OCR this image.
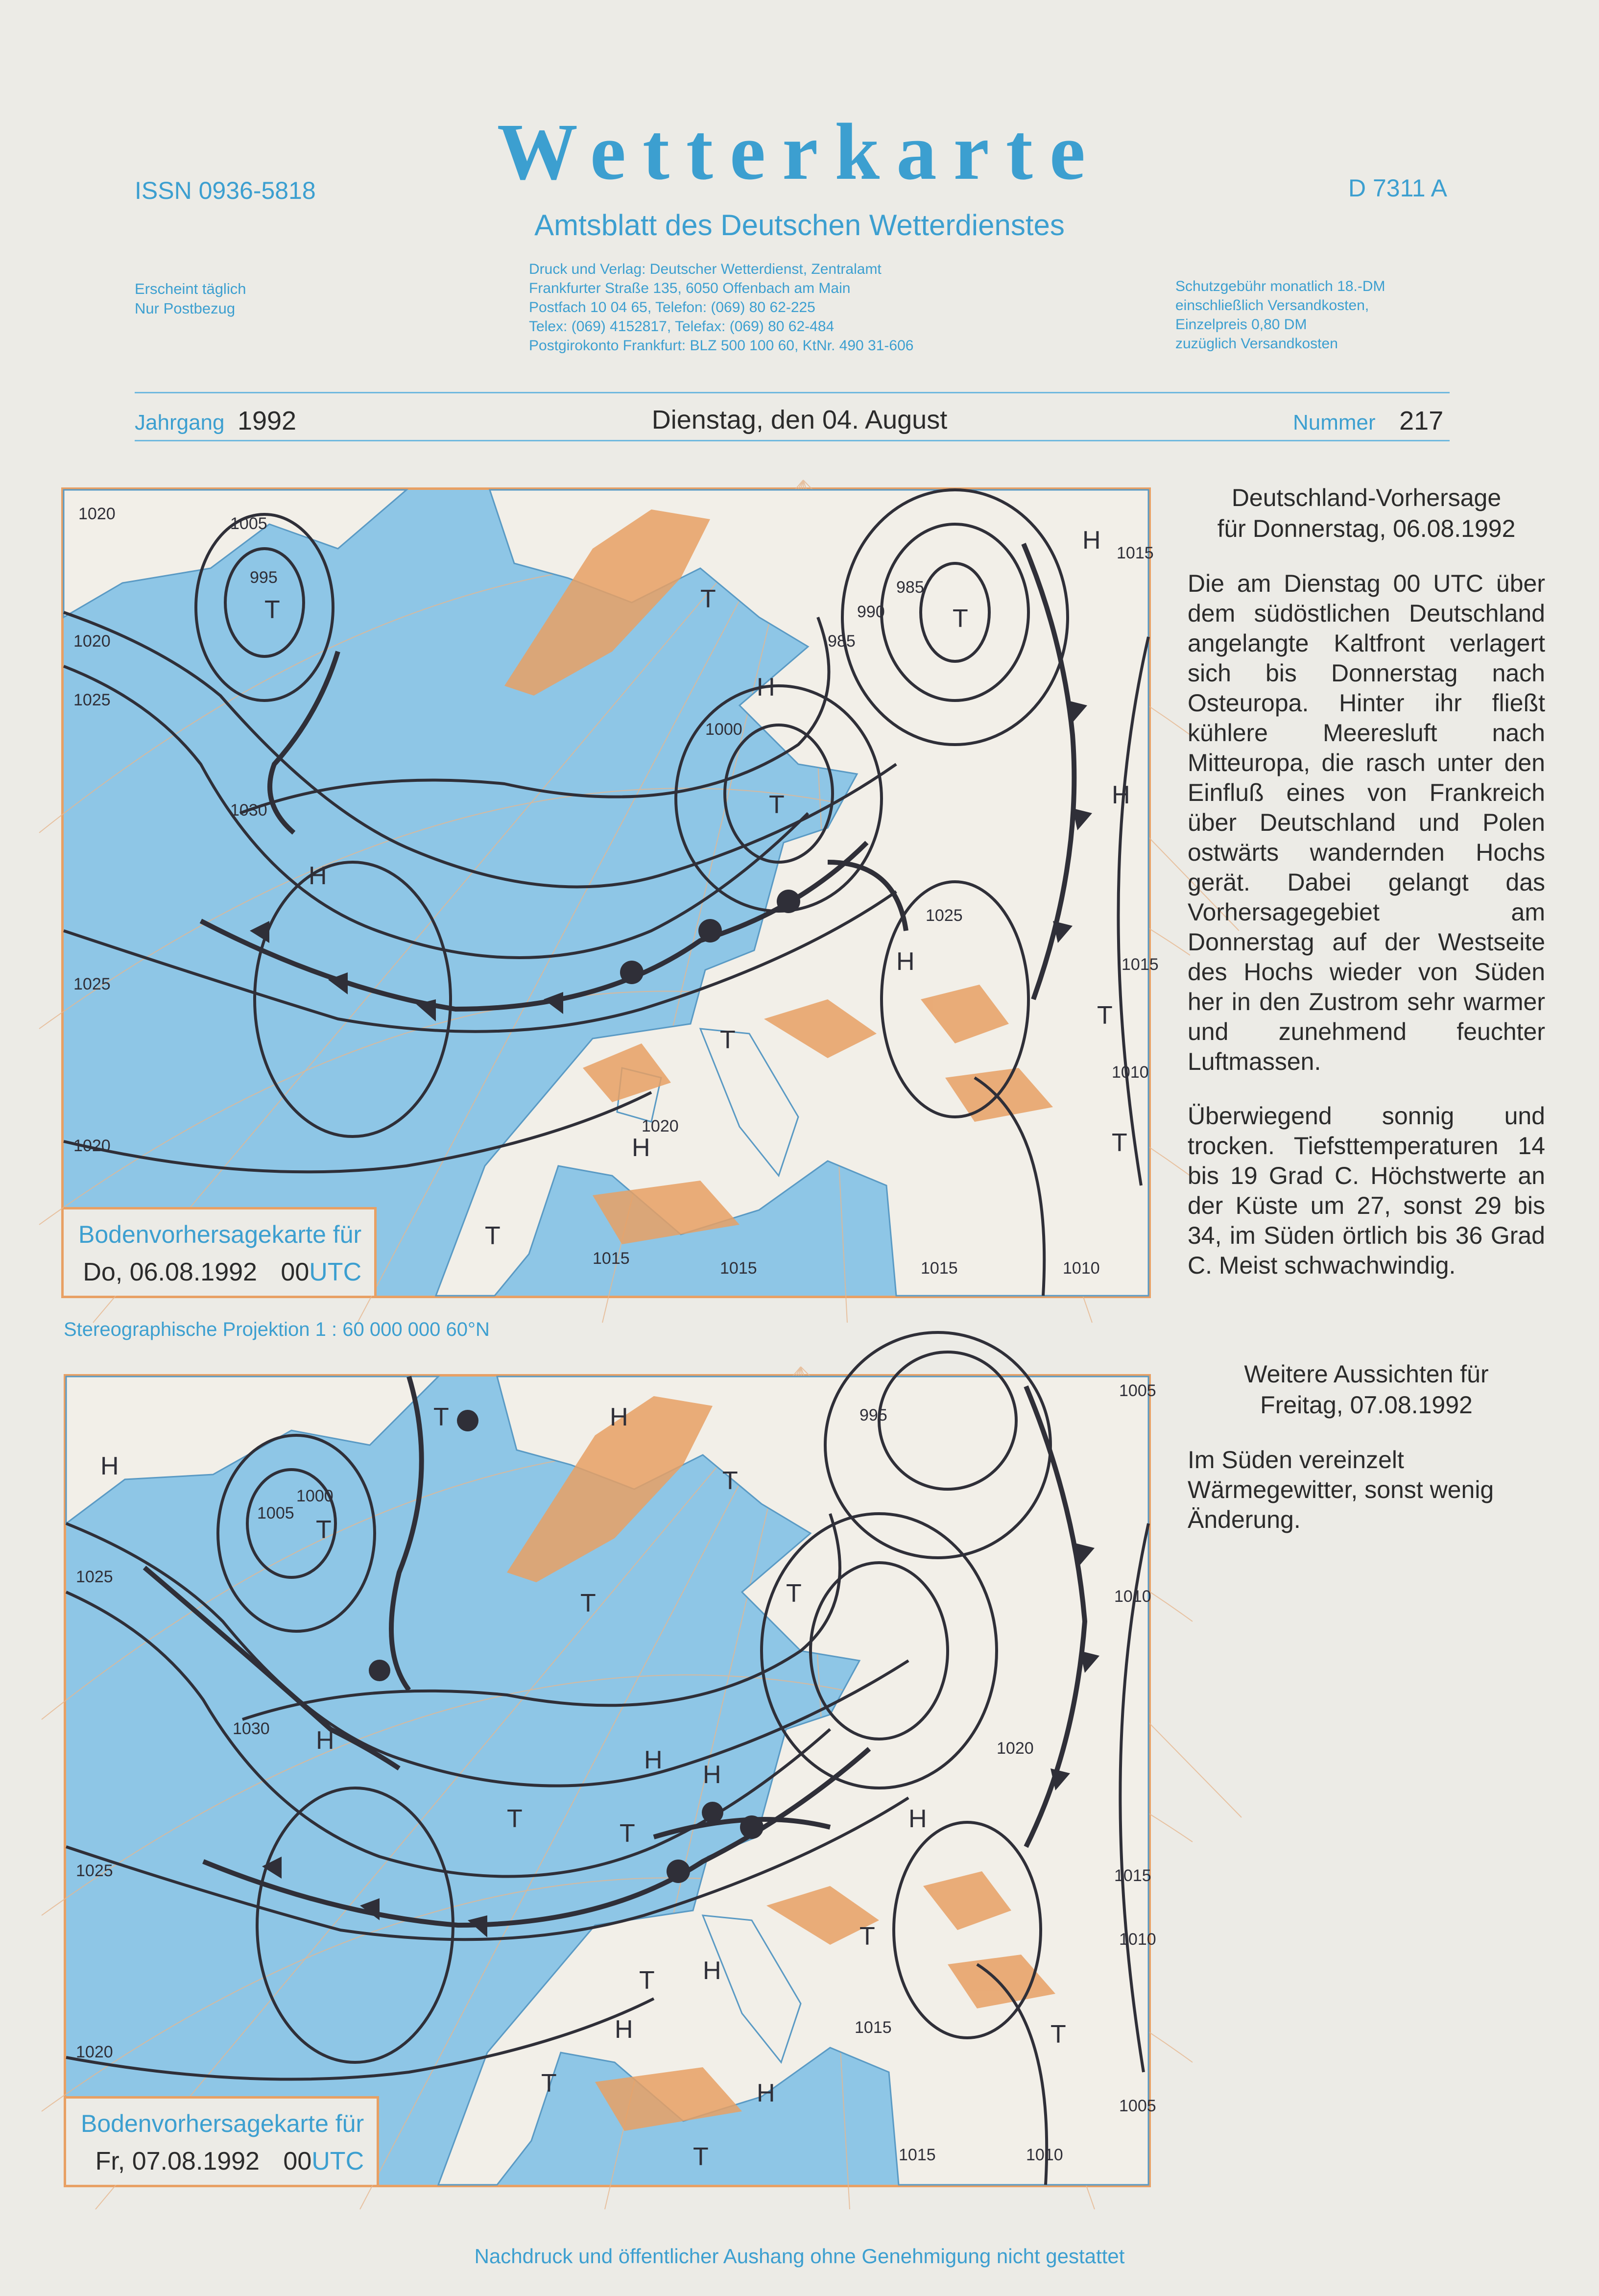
Wetterkarte
ISSN 0936-5818	D 7311 A
Amtsblatt des Deutschen Wetterdienstes
Erscheint täglich
Nur Postbezug
Druck und Verlag: Deutscher Wetterdienst, Zentralamt
Frankfurter Straße 135, 6050 Offenbach am Main
Postfach 10 04 65, Telefon: (069) 80 62-225
Telex: (069) 4152817, Telefax: (069) 80 62-484
Postgirokonto Frankfurt: BLZ 500 100 60, KtNr. 490 31-606
Schutzgebühr monatlich 18.-DM
einschließlich Versandkosten,
Einzelpreis 0,80 DM
zuzüglich Versandkosten
Jahrgang 1992	Dienstag, den 04. August	Nummer 217
T	T
H
T
T
H
H
H
T
T
T
H
T
H
1020
1005
995
1020
1025
1030
1025
1020
1000
985
990
985
1025
1015
1010
1020
1015
1015	1015	1010
1015
Bodenvorhersagekarte für
Do, 06.08.1992 00UTC
Stereographische Projektion 1 : 60 000 000 60°N
H
T
T	H
T
T	T
H
H
H
T
T
H
T
H
H	T
T	H
T
T
1005
1000
995
1025
1030
1025
1020
1010
1020
1015
1010
1005
1015
1010
1005
1015
Bodenvorhersagekarte für
Fr, 07.08.1992 00UTC
Deutschland-Vorhersage
für Donnerstag, 06.08.1992
Die am Dienstag 00 UTC über dem südöstlichen Deutschland angelangte Kaltfront verlagert sich bis Donnerstag nach Osteuropa. Hinter ihr fließt kühlere Meeresluft nach Mitteuropa, die rasch unter den Einfluß eines von Frankreich über Deutschland und Polen ostwärts wandernden Hochs gerät. Dabei gelangt das Vorhersagegebiet am Donnerstag auf der Westseite des Hochs wieder von Süden her in den Zustrom sehr warmer und zunehmend feuchter Luftmassen.
Überwiegend sonnig und trocken. Tiefsttemperaturen 14 bis 19 Grad C. Höchstwerte an der Küste um 27, sonst 29 bis 34, im Süden örtlich bis 36 Grad C. Meist schwachwindig.
Weitere Aussichten für
Freitag, 07.08.1992
Im Süden vereinzelt Wärmegewitter, sonst wenig Änderung.
Nachdruck und öffentlicher Aushang ohne Genehmigung nicht gestattet
